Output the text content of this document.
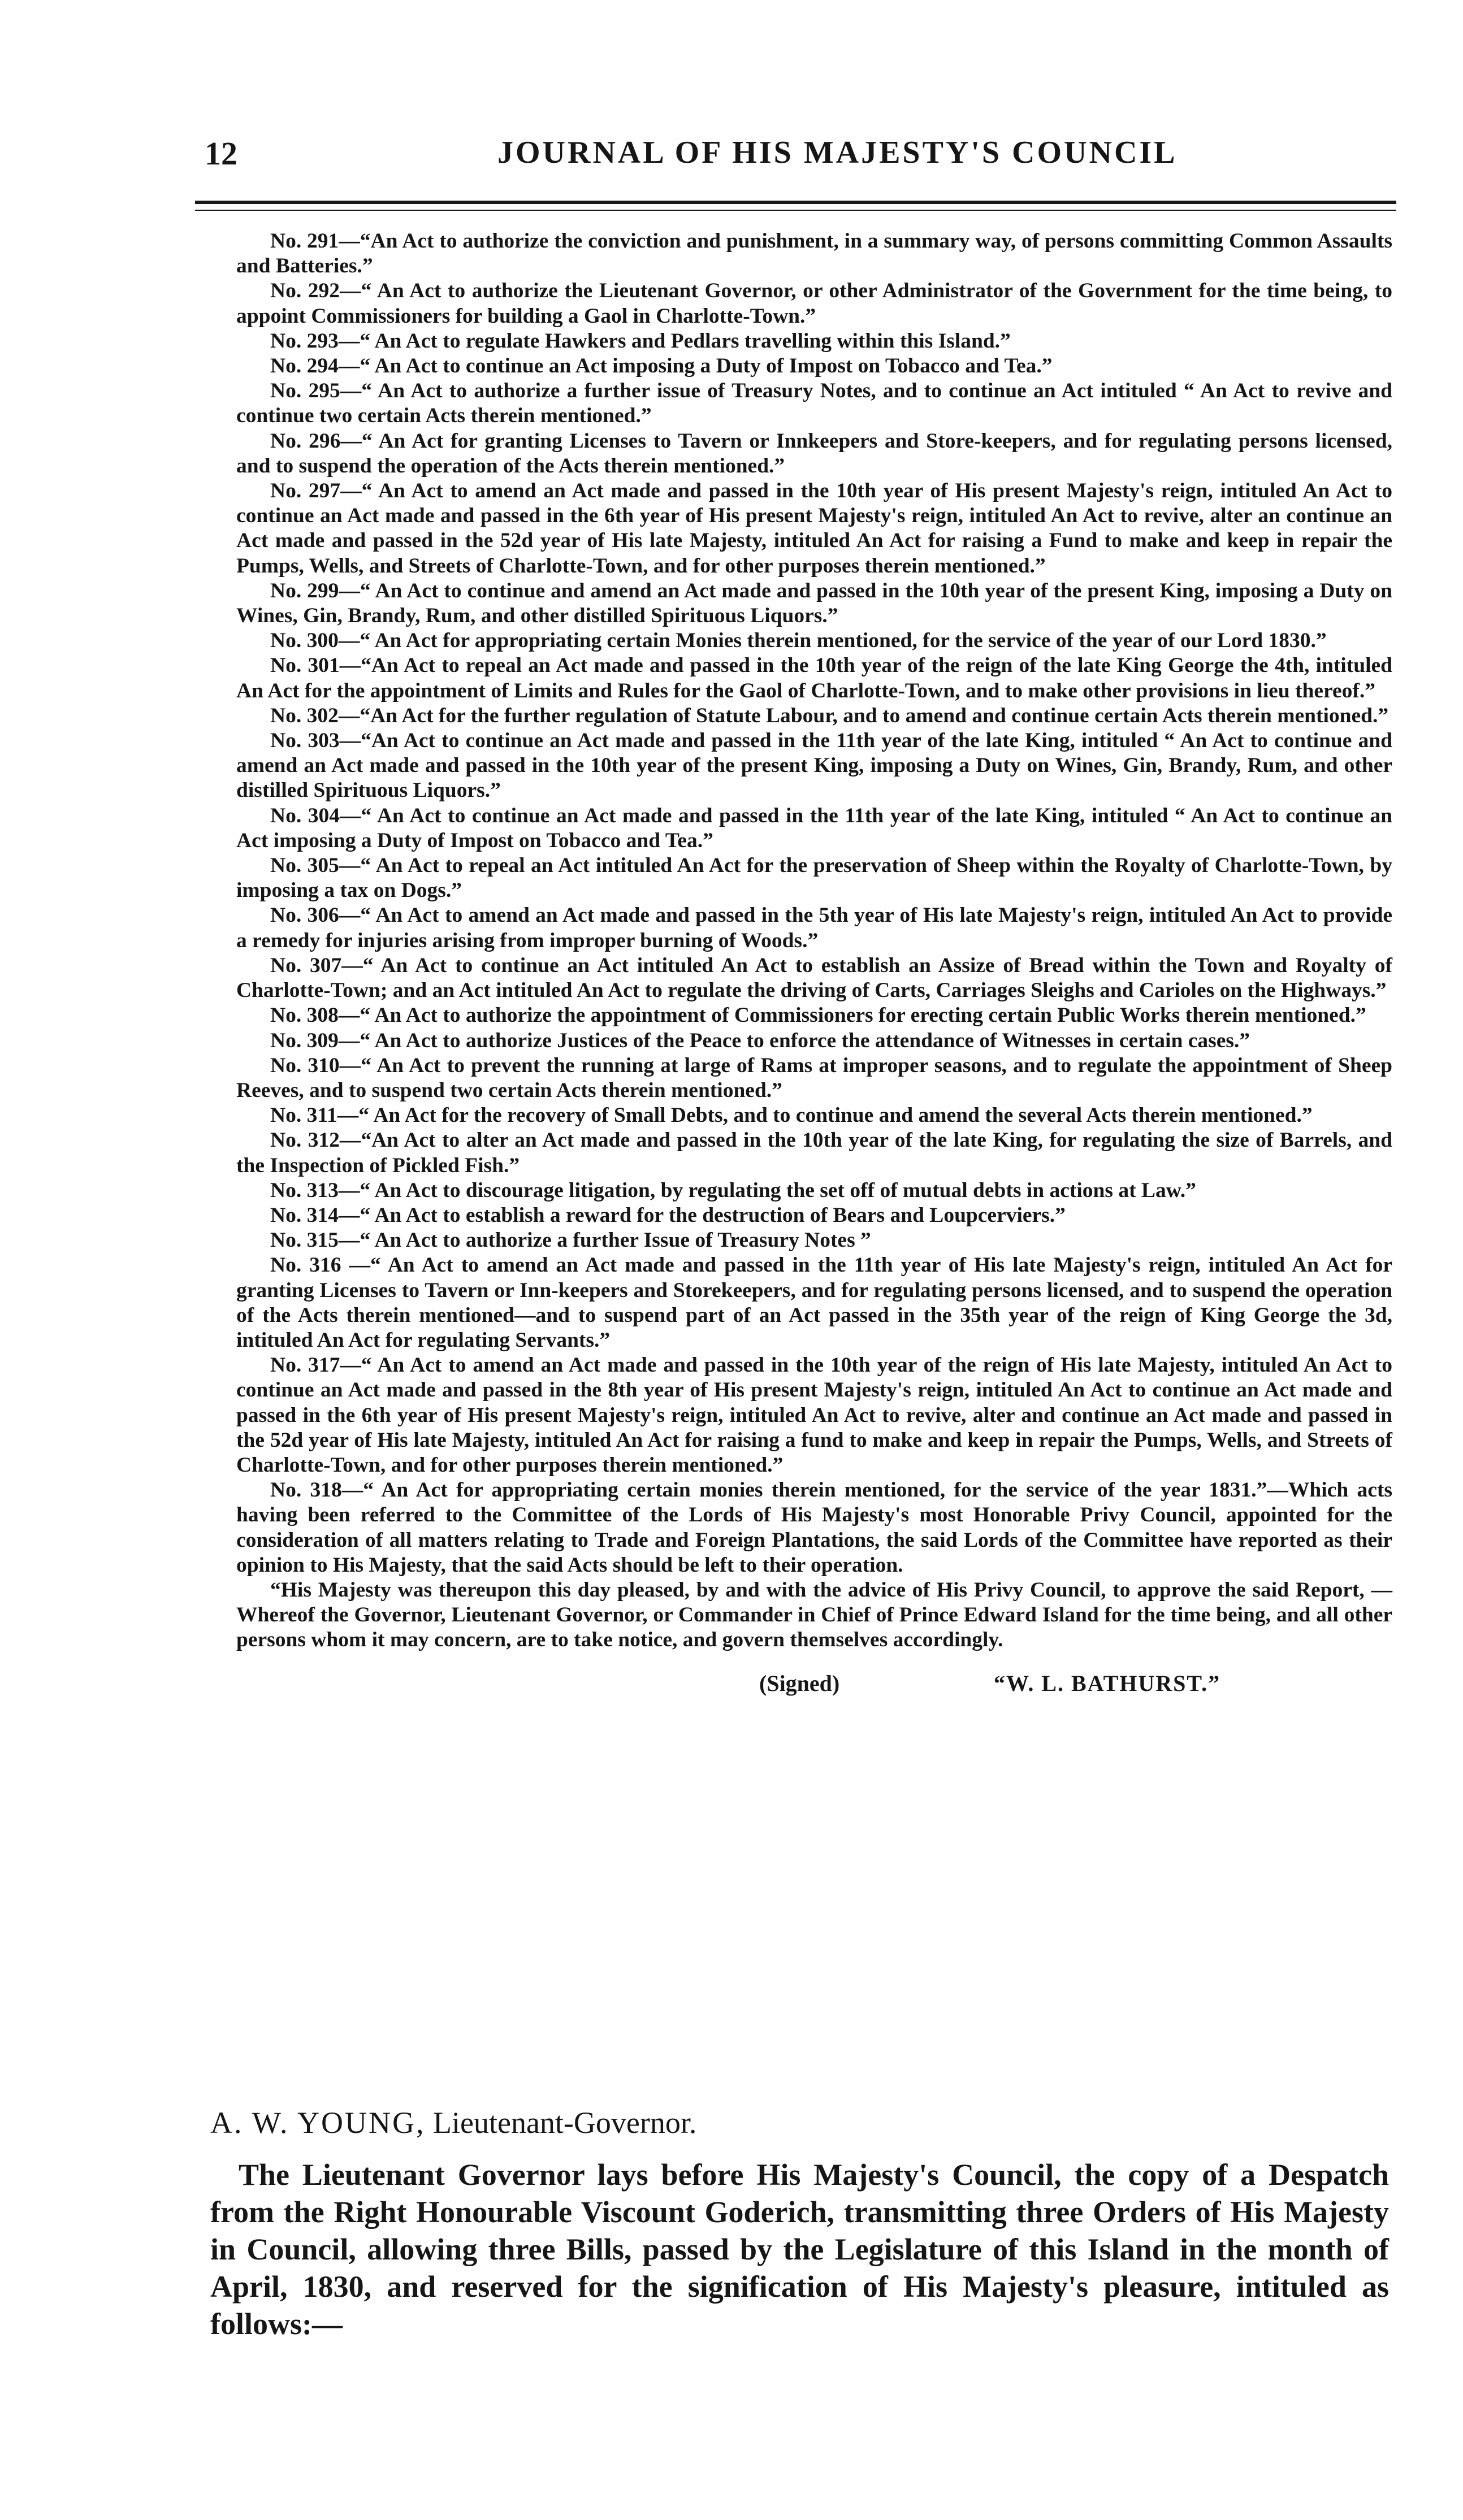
12	JOURNAL OF HIS MAJESTY'S COUNCIL

No. 291—“An Act to authorize the conviction and punishment, in a summary way, of persons committing Common Assaults and Batteries.”

No. 292—“ An Act to authorize the Lieutenant Governor, or other Administrator of the Government for the time being, to appoint Commissioners for building a Gaol in Charlotte-Town.”

No. 293—“ An Act to regulate Hawkers and Pedlars travelling within this Island.”

No. 294—“ An Act to continue an Act imposing a Duty of Impost on Tobacco and Tea.”

No. 295—“ An Act to authorize a further issue of Treasury Notes, and to continue an Act intituled “ An Act to revive and continue two certain Acts therein mentioned.”

No. 296—“ An Act for granting Licenses to Tavern or Innkeepers and Store-keepers, and for regulating persons licensed, and to suspend the operation of the Acts therein mentioned.”

No. 297—“ An Act to amend an Act made and passed in the 10th year of His present Majesty's reign, intituled An Act to continue an Act made and passed in the 6th year of His present Majesty's reign, intituled An Act to revive, alter an continue an Act made and passed in the 52d year of His late Majesty, intituled An Act for raising a Fund to make and keep in repair the Pumps, Wells, and Streets of Charlotte-Town, and for other purposes therein mentioned.”

No. 299—“ An Act to continue and amend an Act made and passed in the 10th year of the present King, imposing a Duty on Wines, Gin, Brandy, Rum, and other distilled Spirituous Liquors.”

No. 300—“ An Act for appropriating certain Monies therein mentioned, for the service of the year of our Lord 1830.”

No. 301—“An Act to repeal an Act made and passed in the 10th year of the reign of the late King George the 4th, intituled An Act for the appointment of Limits and Rules for the Gaol of Charlotte-Town, and to make other provisions in lieu thereof.”

No. 302—“An Act for the further regulation of Statute Labour, and to amend and continue certain Acts therein mentioned.”

No. 303—“An Act to continue an Act made and passed in the 11th year of the late King, intituled “ An Act to continue and amend an Act made and passed in the 10th year of the present King, imposing a Duty on Wines, Gin, Brandy, Rum, and other distilled Spirituous Liquors.”

No. 304—“ An Act to continue an Act made and passed in the 11th year of the late King, intituled “ An Act to continue an Act imposing a Duty of Impost on Tobacco and Tea.”

No. 305—“ An Act to repeal an Act intituled An Act for the preservation of Sheep within the Royalty of Charlotte-Town, by imposing a tax on Dogs.”

No. 306—“ An Act to amend an Act made and passed in the 5th year of His late Majesty's reign, intituled An Act to provide a remedy for injuries arising from improper burning of Woods.”

No. 307—“ An Act to continue an Act intituled An Act to establish an Assize of Bread within the Town and Royalty of Charlotte-Town; and an Act intituled An Act to regulate the driving of Carts, Carriages Sleighs and Carioles on the Highways.”

No. 308—“ An Act to authorize the appointment of Commissioners for erecting certain Public Works therein mentioned.”

No. 309—“ An Act to authorize Justices of the Peace to enforce the attendance of Witnesses in certain cases.”

No. 310—“ An Act to prevent the running at large of Rams at improper seasons, and to regulate the appointment of Sheep Reeves, and to suspend two certain Acts therein mentioned.”

No. 311—“ An Act for the recovery of Small Debts, and to continue and amend the several Acts therein mentioned.”

No. 312—“An Act to alter an Act made and passed in the 10th year of the late King, for regulating the size of Barrels, and the Inspection of Pickled Fish.”

No. 313—“ An Act to discourage litigation, by regulating the set off of mutual debts in actions at Law.”

No. 314—“ An Act to establish a reward for the destruction of Bears and Loupcerviers.”

No. 315—“ An Act to authorize a further Issue of Treasury Notes ”

No. 316 —“ An Act to amend an Act made and passed in the 11th year of His late Majesty's reign, intituled An Act for granting Licenses to Tavern or Inn-keepers and Storekeepers, and for regulating persons licensed, and to suspend the operation of the Acts therein mentioned—and to suspend part of an Act passed in the 35th year of the reign of King George the 3d, intituled An Act for regulating Servants.”

No. 317—“ An Act to amend an Act made and passed in the 10th year of the reign of His late Majesty, intituled An Act to continue an Act made and passed in the 8th year of His present Majesty's reign, intituled An Act to continue an Act made and passed in the 6th year of His present Majesty's reign, intituled An Act to revive, alter and continue an Act made and passed in the 52d year of His late Majesty, intituled An Act for raising a fund to make and keep in repair the Pumps, Wells, and Streets of Charlotte-Town, and for other purposes therein mentioned.”

No. 318—“ An Act for appropriating certain monies therein mentioned, for the service of the year 1831.”—Which acts having been referred to the Committee of the Lords of His Majesty's most Honorable Privy Council, appointed for the consideration of all matters relating to Trade and Foreign Plantations, the said Lords of the Committee have reported as their opinion to His Majesty, that the said Acts should be left to their operation.

“His Majesty was thereupon this day pleased, by and with the advice of His Privy Council, to approve the said Report, —Whereof the Governor, Lieutenant Governor, or Commander in Chief of Prince Edward Island for the time being, and all other persons whom it may concern, are to take notice, and govern themselves accordingly.

(Signed)	“W. L. BATHURST.”
A. W. YOUNG, Lieutenant-Governor.

The Lieutenant Governor lays before His Majesty's Council, the copy of a Despatch from the Right Honourable Viscount Goderich, transmitting three Orders of His Majesty in Council, allowing three Bills, passed by the Legislature of this Island in the month of April, 1830, and reserved for the signification of His Majesty's pleasure, intituled as follows:—
